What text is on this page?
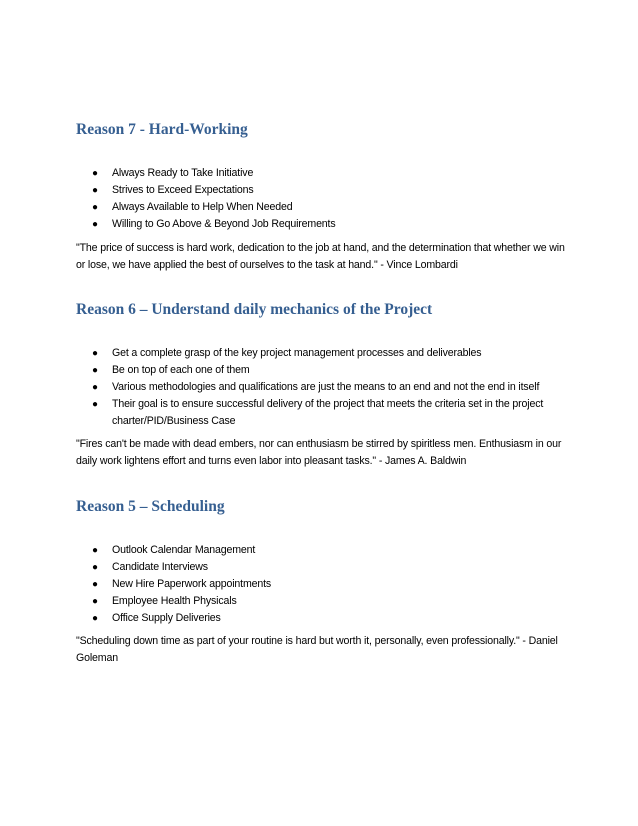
Reason 7 - Hard-Working
●	Always Ready to Take Initiative
●	Strives to Exceed Expectations
●	Always Available to Help When Needed
●	Willing to Go Above & Beyond Job Requirements

"The price of success is hard work, dedication to the job at hand, and the determination that whether we win or lose, we have applied the best of ourselves to the task at hand." - Vince Lombardi

Reason 6 – Understand daily mechanics of the Project
●	Get a complete grasp of the key project management processes and deliverables
●	Be on top of each one of them
●	Various methodologies and qualifications are just the means to an end and not the end in itself
●	Their goal is to ensure successful delivery of the project that meets the criteria set in the project charter/PID/Business Case

"Fires can't be made with dead embers, nor can enthusiasm be stirred by spiritless men. Enthusiasm in our daily work lightens effort and turns even labor into pleasant tasks." - James A. Baldwin

Reason 5 – Scheduling
●	Outlook Calendar Management
●	Candidate Interviews
●	New Hire Paperwork appointments
●	Employee Health Physicals
●	Office Supply Deliveries

"Scheduling down time as part of your routine is hard but worth it, personally, even professionally." - Daniel Goleman
